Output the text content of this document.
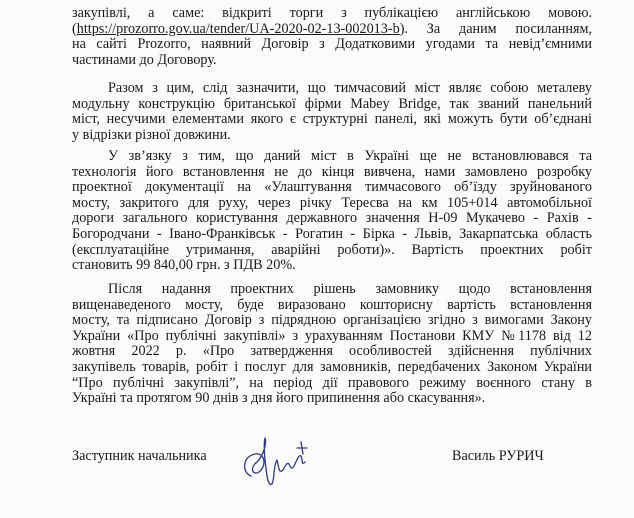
закупівлі, а саме: відкриті торги з публікацією англійською мовою.
(https://prozorro.gov.ua/tender/UA-2020-02-13-002013-b). За даним посиланням,
на сайті Prozorro, наявний Договір з Додатковими угодами та невід’ємними
частинами до Договору.
Разом з цим, слід зазначити, що тимчасовий міст являє собою металеву
модульну конструкцію британської фірми Mabey Bridge, так званий панельний
міст, несучими елементами якого є структурні панелі, які можуть бути об’єднані
у відрізки різної довжини.
У зв’язку з тим, що даний міст в Україні ще не встановлювався та
технологія його встановлення не до кінця вивчена, нами замовлено розробку
проектної документації на «Улаштування тимчасового об’їзду зруйнованого
мосту, закритого для руху, через річку Тересва на км 105+014 автомобільної
дороги загального користування державного значення Н-09 Мукачево - Рахів -
Богородчани - Івано-Франківськ - Рогатин - Бірка - Львів, Закарпатська область
(експлуатаційне утримання, аварійні роботи)». Вартість проектних робіт
становить 99 840,00 грн. з ПДВ 20%.
Після надання проектних рішень замовнику щодо встановлення
вищенаведеного мосту, буде виразовано кошторисну вартість встановлення
мосту, та підписано Договір з підрядною організацією згідно з вимогами Закону
України «Про публічні закупівлі» з урахуванням Постанови КМУ №1178 від 12
жовтня 2022 р. «Про затвердження особливостей здійснення публічних
закупівель товарів, робіт і послуг для замовників, передбачених Законом України
“Про публічні закупівлі”, на період дії правового режиму воєнного стану в
Україні та протягом 90 днів з дня його припинення або скасування».
Заступник начальника	Василь РУРИЧ
